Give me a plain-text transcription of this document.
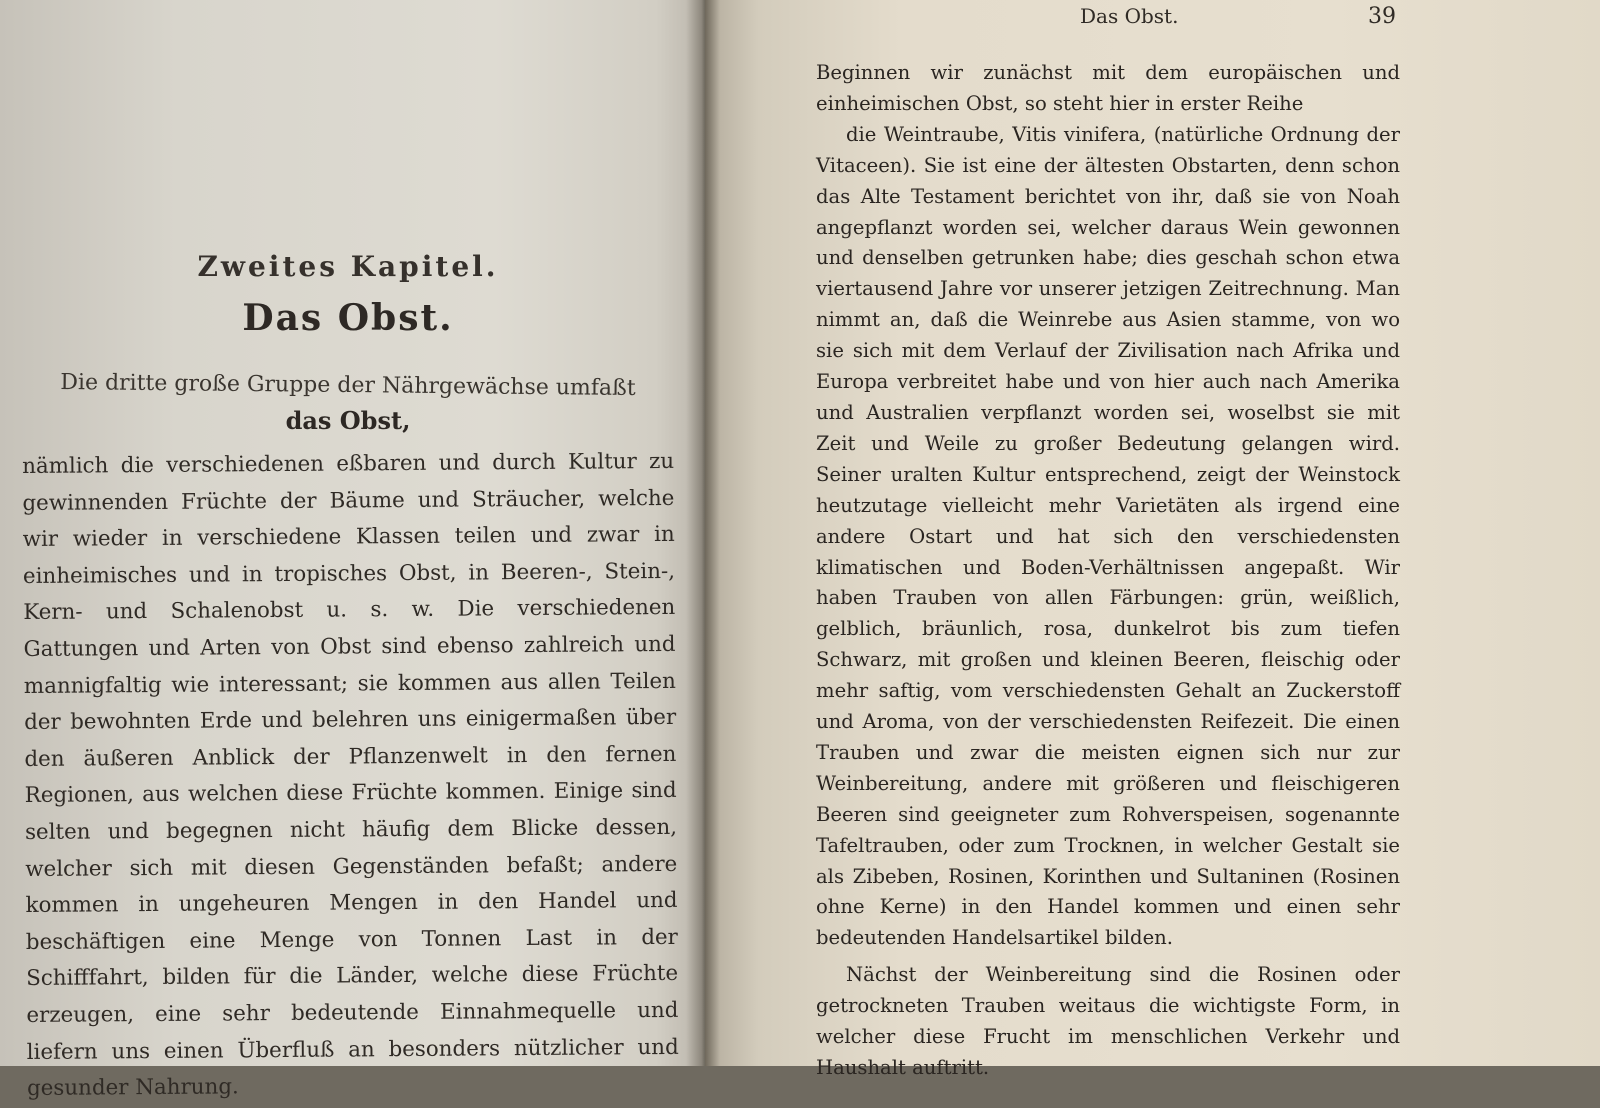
Zweites Kapitel.

Das Obst.

Die dritte große Gruppe der Nährgewächse umfaßt

das Obst,

nämlich die verschiedenen eßbaren und durch Kultur zu gewinnenden Früchte der Bäume und Sträucher, welche wir wieder in verschiedene Klassen teilen und zwar in einheimisches und in tropisches Obst, in Beeren-, Stein-, Kern- und Schalenobst u. s. w. Die verschiedenen Gattungen und Arten von Obst sind ebenso zahlreich und mannigfaltig wie interessant; sie kommen aus allen Teilen der bewohnten Erde und belehren uns einigermaßen über den äußeren Anblick der Pflanzenwelt in den fernen Regionen, aus welchen diese Früchte kommen. Einige sind selten und begegnen nicht häufig dem Blicke dessen, welcher sich mit diesen Gegenständen befaßt; andere kommen in ungeheuren Mengen in den Handel und beschäftigen eine Menge von Tonnen Last in der Schifffahrt, bilden für die Länder, welche diese Früchte erzeugen, eine sehr bedeutende Einnahmequelle und liefern uns einen Überfluß an besonders nützlicher und gesunder Nahrung.

Das Obst.	39

Beginnen wir zunächst mit dem europäischen und einheimischen Obst, so steht hier in erster Reihe

die Weintraube, Vitis vinifera, (natürliche Ordnung der Vitaceen). Sie ist eine der ältesten Obstarten, denn schon das Alte Testament berichtet von ihr, daß sie von Noah angepflanzt worden sei, welcher daraus Wein gewonnen und denselben getrunken habe; dies geschah schon etwa viertausend Jahre vor unserer jetzigen Zeitrechnung. Man nimmt an, daß die Weinrebe aus Asien stamme, von wo sie sich mit dem Verlauf der Zivilisation nach Afrika und Europa verbreitet habe und von hier auch nach Amerika und Australien verpflanzt worden sei, woselbst sie mit Zeit und Weile zu großer Bedeutung gelangen wird. Seiner uralten Kultur entsprechend, zeigt der Weinstock heutzutage vielleicht mehr Varietäten als irgend eine andere Ostart und hat sich den verschiedensten klimatischen und Boden-Verhältnissen angepaßt. Wir haben Trauben von allen Färbungen: grün, weißlich, gelblich, bräunlich, rosa, dunkelrot bis zum tiefen Schwarz, mit großen und kleinen Beeren, fleischig oder mehr saftig, vom verschiedensten Gehalt an Zuckerstoff und Aroma, von der verschiedensten Reifezeit. Die einen Trauben und zwar die meisten eignen sich nur zur Weinbereitung, andere mit größeren und fleischigeren Beeren sind geeigneter zum Rohverspeisen, sogenannte Tafeltrauben, oder zum Trocknen, in welcher Gestalt sie als Zibeben, Rosinen, Korinthen und Sultaninen (Rosinen ohne Kerne) in den Handel kommen und einen sehr bedeutenden Handelsartikel bilden.

Nächst der Weinbereitung sind die Rosinen oder getrockneten Trauben weitaus die wichtigste Form, in welcher diese Frucht im menschlichen Verkehr und Haushalt auftritt.
